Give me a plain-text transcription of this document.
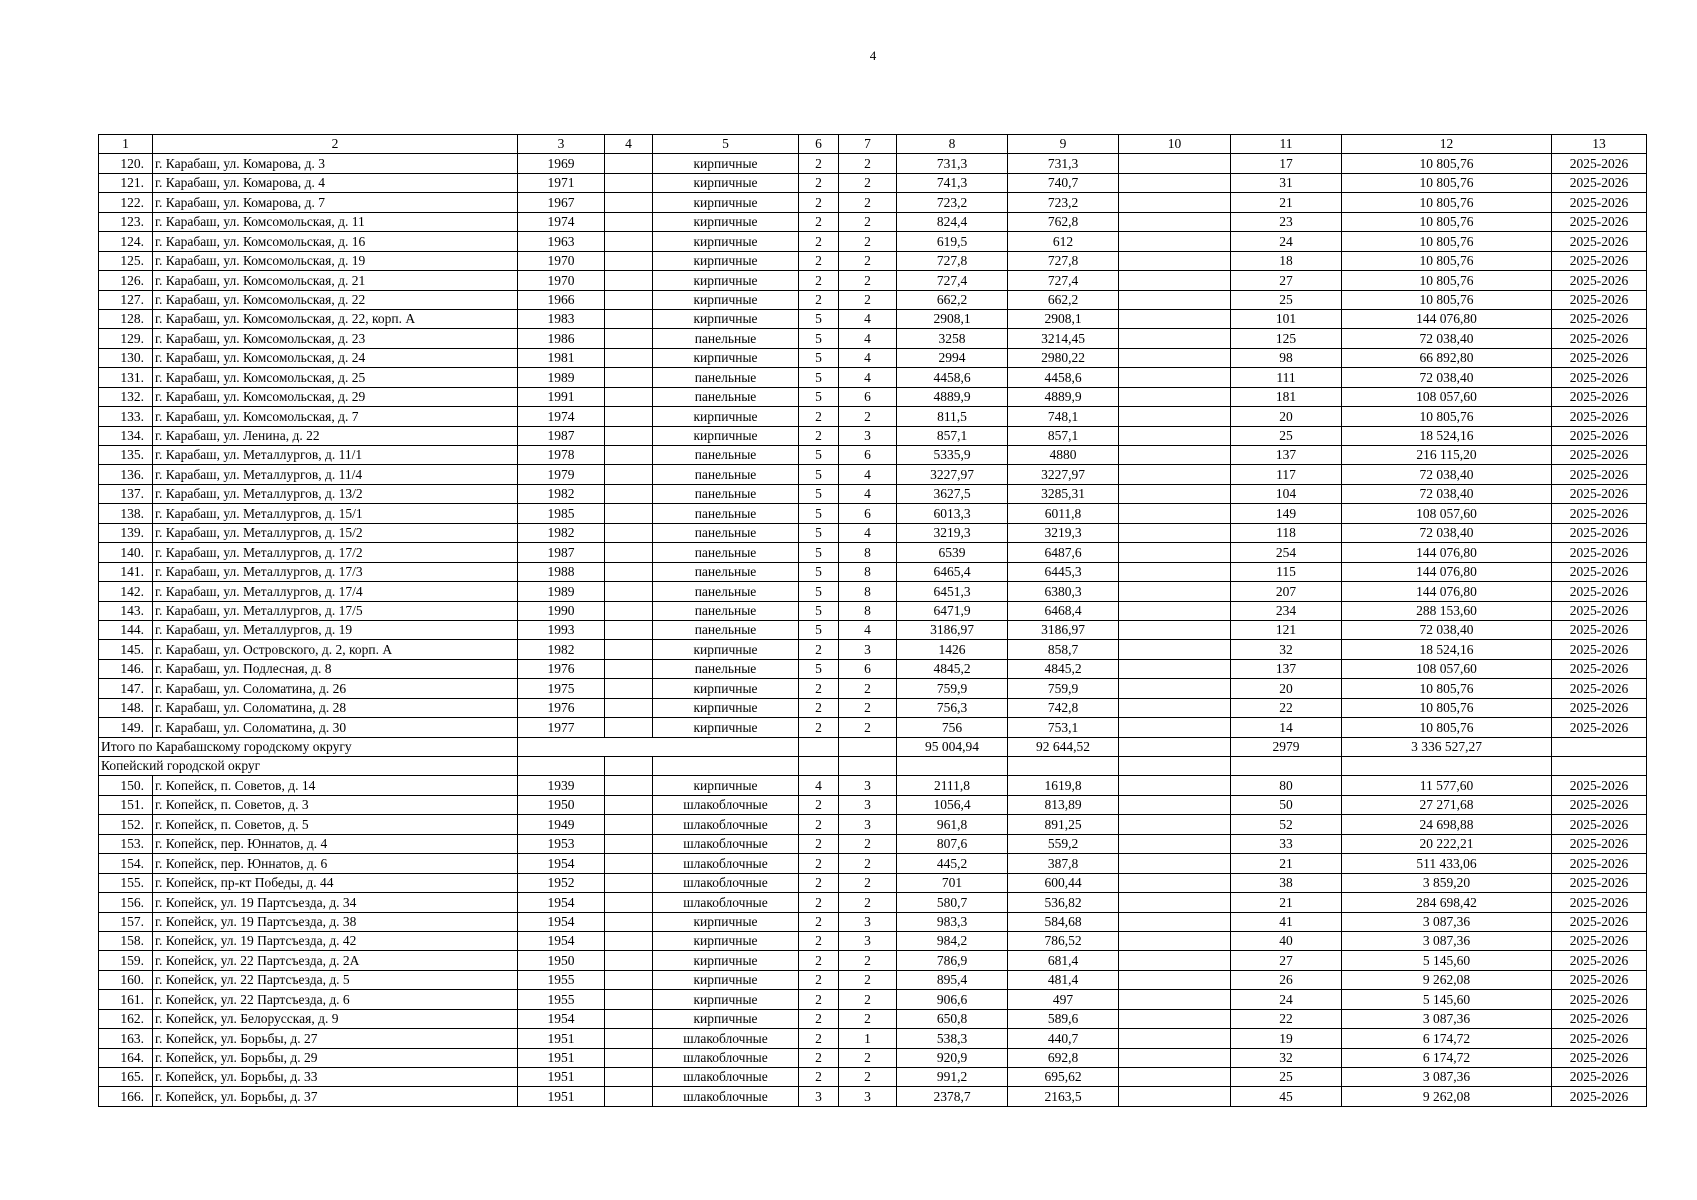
4
1	2	3	4	5	6	7	8	9	10	11	12	13
120.	г. Карабаш, ул. Комарова, д. 3	1969		кирпичные	2	2	731,3	731,3		17	10 805,76	2025-2026
121.	г. Карабаш, ул. Комарова, д. 4	1971		кирпичные	2	2	741,3	740,7		31	10 805,76	2025-2026
122.	г. Карабаш, ул. Комарова, д. 7	1967		кирпичные	2	2	723,2	723,2		21	10 805,76	2025-2026
123.	г. Карабаш, ул. Комсомольская, д. 11	1974		кирпичные	2	2	824,4	762,8		23	10 805,76	2025-2026
124.	г. Карабаш, ул. Комсомольская, д. 16	1963		кирпичные	2	2	619,5	612		24	10 805,76	2025-2026
125.	г. Карабаш, ул. Комсомольская, д. 19	1970		кирпичные	2	2	727,8	727,8		18	10 805,76	2025-2026
126.	г. Карабаш, ул. Комсомольская, д. 21	1970		кирпичные	2	2	727,4	727,4		27	10 805,76	2025-2026
127.	г. Карабаш, ул. Комсомольская, д. 22	1966		кирпичные	2	2	662,2	662,2		25	10 805,76	2025-2026
128.	г. Карабаш, ул. Комсомольская, д. 22, корп. А	1983		кирпичные	5	4	2908,1	2908,1		101	144 076,80	2025-2026
129.	г. Карабаш, ул. Комсомольская, д. 23	1986		панельные	5	4	3258	3214,45		125	72 038,40	2025-2026
130.	г. Карабаш, ул. Комсомольская, д. 24	1981		кирпичные	5	4	2994	2980,22		98	66 892,80	2025-2026
131.	г. Карабаш, ул. Комсомольская, д. 25	1989		панельные	5	4	4458,6	4458,6		111	72 038,40	2025-2026
132.	г. Карабаш, ул. Комсомольская, д. 29	1991		панельные	5	6	4889,9	4889,9		181	108 057,60	2025-2026
133.	г. Карабаш, ул. Комсомольская, д. 7	1974		кирпичные	2	2	811,5	748,1		20	10 805,76	2025-2026
134.	г. Карабаш, ул. Ленина, д. 22	1987		кирпичные	2	3	857,1	857,1		25	18 524,16	2025-2026
135.	г. Карабаш, ул. Металлургов, д. 11/1	1978		панельные	5	6	5335,9	4880		137	216 115,20	2025-2026
136.	г. Карабаш, ул. Металлургов, д. 11/4	1979		панельные	5	4	3227,97	3227,97		117	72 038,40	2025-2026
137.	г. Карабаш, ул. Металлургов, д. 13/2	1982		панельные	5	4	3627,5	3285,31		104	72 038,40	2025-2026
138.	г. Карабаш, ул. Металлургов, д. 15/1	1985		панельные	5	6	6013,3	6011,8		149	108 057,60	2025-2026
139.	г. Карабаш, ул. Металлургов, д. 15/2	1982		панельные	5	4	3219,3	3219,3		118	72 038,40	2025-2026
140.	г. Карабаш, ул. Металлургов, д. 17/2	1987		панельные	5	8	6539	6487,6		254	144 076,80	2025-2026
141.	г. Карабаш, ул. Металлургов, д. 17/3	1988		панельные	5	8	6465,4	6445,3		115	144 076,80	2025-2026
142.	г. Карабаш, ул. Металлургов, д. 17/4	1989		панельные	5	8	6451,3	6380,3		207	144 076,80	2025-2026
143.	г. Карабаш, ул. Металлургов, д. 17/5	1990		панельные	5	8	6471,9	6468,4		234	288 153,60	2025-2026
144.	г. Карабаш, ул. Металлургов, д. 19	1993		панельные	5	4	3186,97	3186,97		121	72 038,40	2025-2026
145.	г. Карабаш, ул. Островского, д. 2, корп. А	1982		кирпичные	2	3	1426	858,7		32	18 524,16	2025-2026
146.	г. Карабаш, ул. Подлесная, д. 8	1976		панельные	5	6	4845,2	4845,2		137	108 057,60	2025-2026
147.	г. Карабаш, ул. Соломатина, д. 26	1975		кирпичные	2	2	759,9	759,9		20	10 805,76	2025-2026
148.	г. Карабаш, ул. Соломатина, д. 28	1976		кирпичные	2	2	756,3	742,8		22	10 805,76	2025-2026
149.	г. Карабаш, ул. Соломатина, д. 30	1977		кирпичные	2	2	756	753,1		14	10 805,76	2025-2026
Итого по Карабашскому городскому округу							95 004,94	92 644,52		2979	3 336 527,27	
Копейский городской округ												
150.	г. Копейск, п. Советов, д. 14	1939		кирпичные	4	3	2111,8	1619,8		80	11 577,60	2025-2026
151.	г. Копейск, п. Советов, д. 3	1950		шлакоблочные	2	3	1056,4	813,89		50	27 271,68	2025-2026
152.	г. Копейск, п. Советов, д. 5	1949		шлакоблочные	2	3	961,8	891,25		52	24 698,88	2025-2026
153.	г. Копейск, пер. Юннатов, д. 4	1953		шлакоблочные	2	2	807,6	559,2		33	20 222,21	2025-2026
154.	г. Копейск, пер. Юннатов, д. 6	1954		шлакоблочные	2	2	445,2	387,8		21	511 433,06	2025-2026
155.	г. Копейск, пр-кт Победы, д. 44	1952		шлакоблочные	2	2	701	600,44		38	3 859,20	2025-2026
156.	г. Копейск, ул. 19 Партсъезда, д. 34	1954		шлакоблочные	2	2	580,7	536,82		21	284 698,42	2025-2026
157.	г. Копейск, ул. 19 Партсъезда, д. 38	1954		кирпичные	2	3	983,3	584,68		41	3 087,36	2025-2026
158.	г. Копейск, ул. 19 Партсъезда, д. 42	1954		кирпичные	2	3	984,2	786,52		40	3 087,36	2025-2026
159.	г. Копейск, ул. 22 Партсъезда, д. 2А	1950		кирпичные	2	2	786,9	681,4		27	5 145,60	2025-2026
160.	г. Копейск, ул. 22 Партсъезда, д. 5	1955		кирпичные	2	2	895,4	481,4		26	9 262,08	2025-2026
161.	г. Копейск, ул. 22 Партсъезда, д. 6	1955		кирпичные	2	2	906,6	497		24	5 145,60	2025-2026
162.	г. Копейск, ул. Белорусская, д. 9	1954		кирпичные	2	2	650,8	589,6		22	3 087,36	2025-2026
163.	г. Копейск, ул. Борьбы, д. 27	1951		шлакоблочные	2	1	538,3	440,7		19	6 174,72	2025-2026
164.	г. Копейск, ул. Борьбы, д. 29	1951		шлакоблочные	2	2	920,9	692,8		32	6 174,72	2025-2026
165.	г. Копейск, ул. Борьбы, д. 33	1951		шлакоблочные	2	2	991,2	695,62		25	3 087,36	2025-2026
166.	г. Копейск, ул. Борьбы, д. 37	1951		шлакоблочные	3	3	2378,7	2163,5		45	9 262,08	2025-2026
